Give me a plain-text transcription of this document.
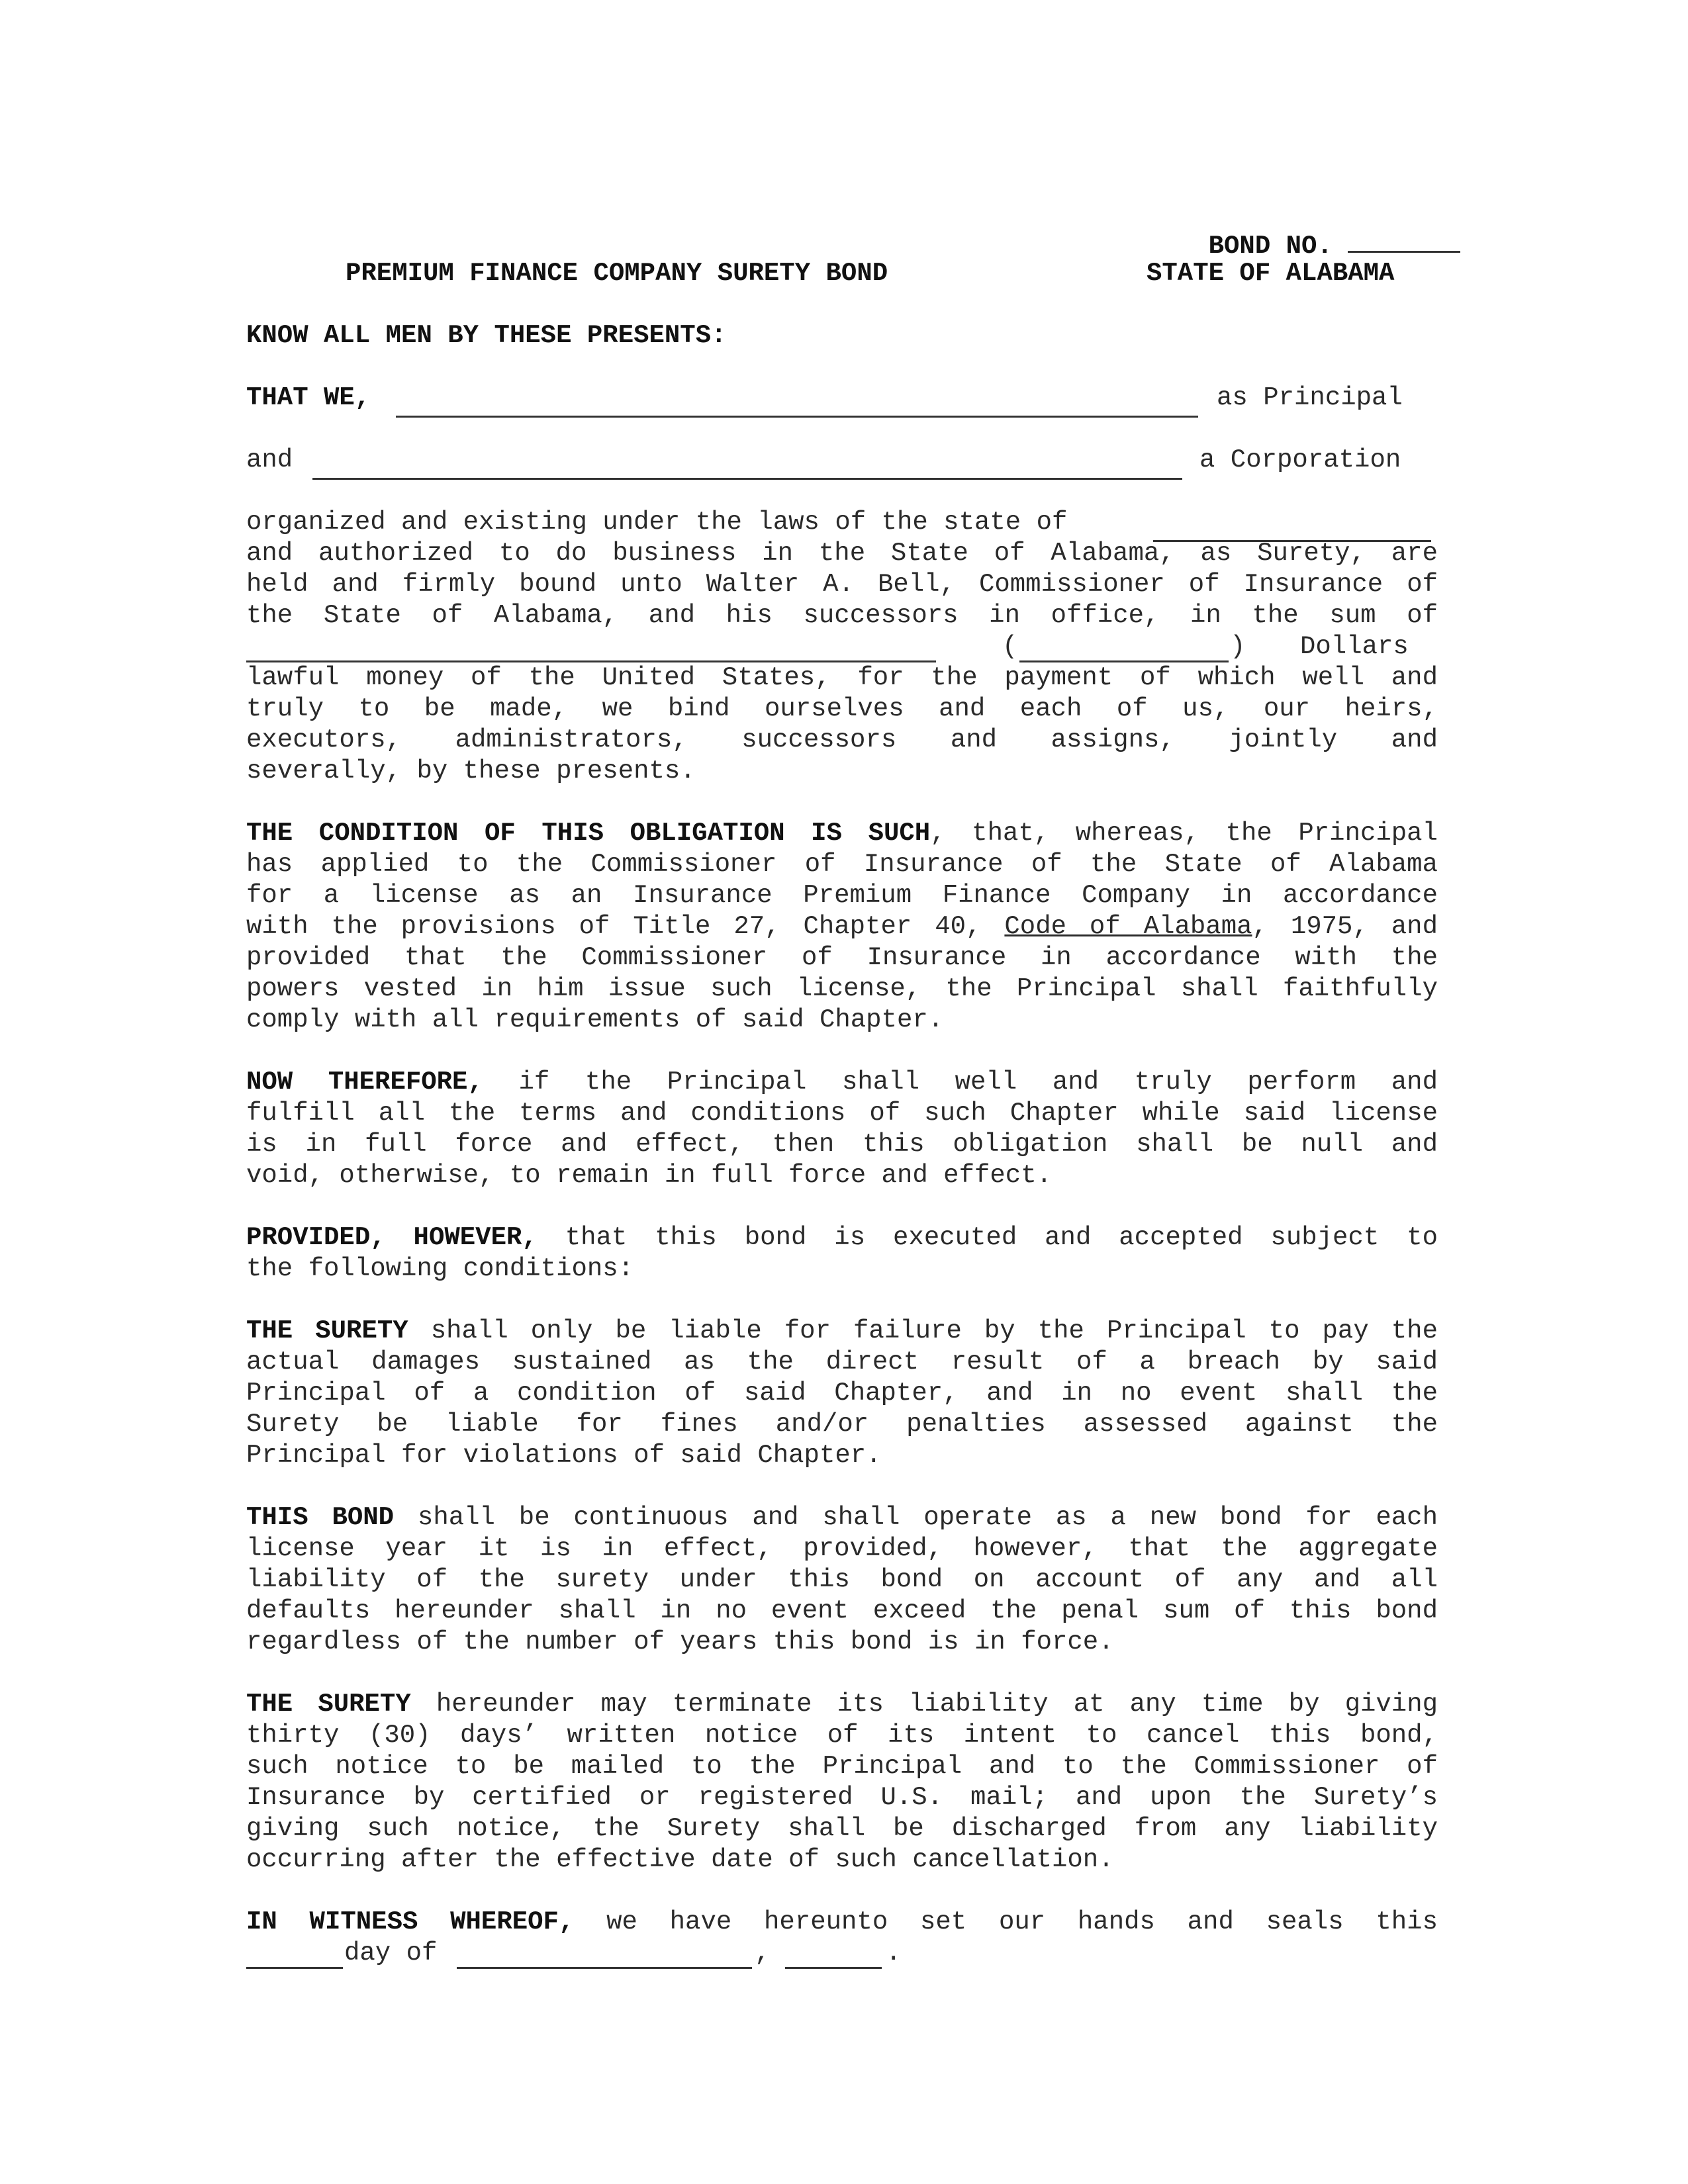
BOND NO.

PREMIUM FINANCE COMPANY SURETY BOND	STATE OF ALABAMA
KNOW ALL MEN BY THESE PRESENTS:
THAT WE,	as Principal
and	a Corporation
organized and existing under the laws of the state of
and authorized to do business in the State of Alabama, as Surety, are
held and firmly bound unto Walter A. Bell, Commissioner of Insurance of
the State of Alabama, and his successors in office, in the sum of
(	) Dollars
lawful money of the United States, for the payment of which well and
truly to be made, we bind ourselves and each of us, our heirs,
executors, administrators, successors and assigns, jointly and
severally, by these presents.
THE CONDITION OF THIS OBLIGATION IS SUCH, that, whereas, the Principal
has applied to the Commissioner of Insurance of the State of Alabama
for a license as an Insurance Premium Finance Company in accordance
with the provisions of Title 27, Chapter 40, Code of Alabama, 1975, and
provided that the Commissioner of Insurance in accordance with the
powers vested in him issue such license, the Principal shall faithfully
comply with all requirements of said Chapter.
NOW THEREFORE, if the Principal shall well and truly perform and
fulfill all the terms and conditions of such Chapter while said license
is in full force and effect, then this obligation shall be null and
void, otherwise, to remain in full force and effect.
PROVIDED, HOWEVER, that this bond is executed and accepted subject to
the following conditions:
THE SURETY shall only be liable for failure by the Principal to pay the
actual damages sustained as the direct result of a breach by said
Principal of a condition of said Chapter, and in no event shall the
Surety be liable for fines and/or penalties assessed against the
Principal for violations of said Chapter.
THIS BOND shall be continuous and shall operate as a new bond for each
license year it is in effect, provided, however, that the aggregate
liability of the surety under this bond on account of any and all
defaults hereunder shall in no event exceed the penal sum of this bond
regardless of the number of years this bond is in force.
THE SURETY hereunder may terminate its liability at any time by giving
thirty (30) days’ written notice of its intent to cancel this bond,
such notice to be mailed to the Principal and to the Commissioner of
Insurance by certified or registered U.S. mail; and upon the Surety’s
giving such notice, the Surety shall be discharged from any liability
occurring after the effective date of such cancellation.
IN WITNESS WHEREOF, we have hereunto set our hands and seals this
day of	,	.
